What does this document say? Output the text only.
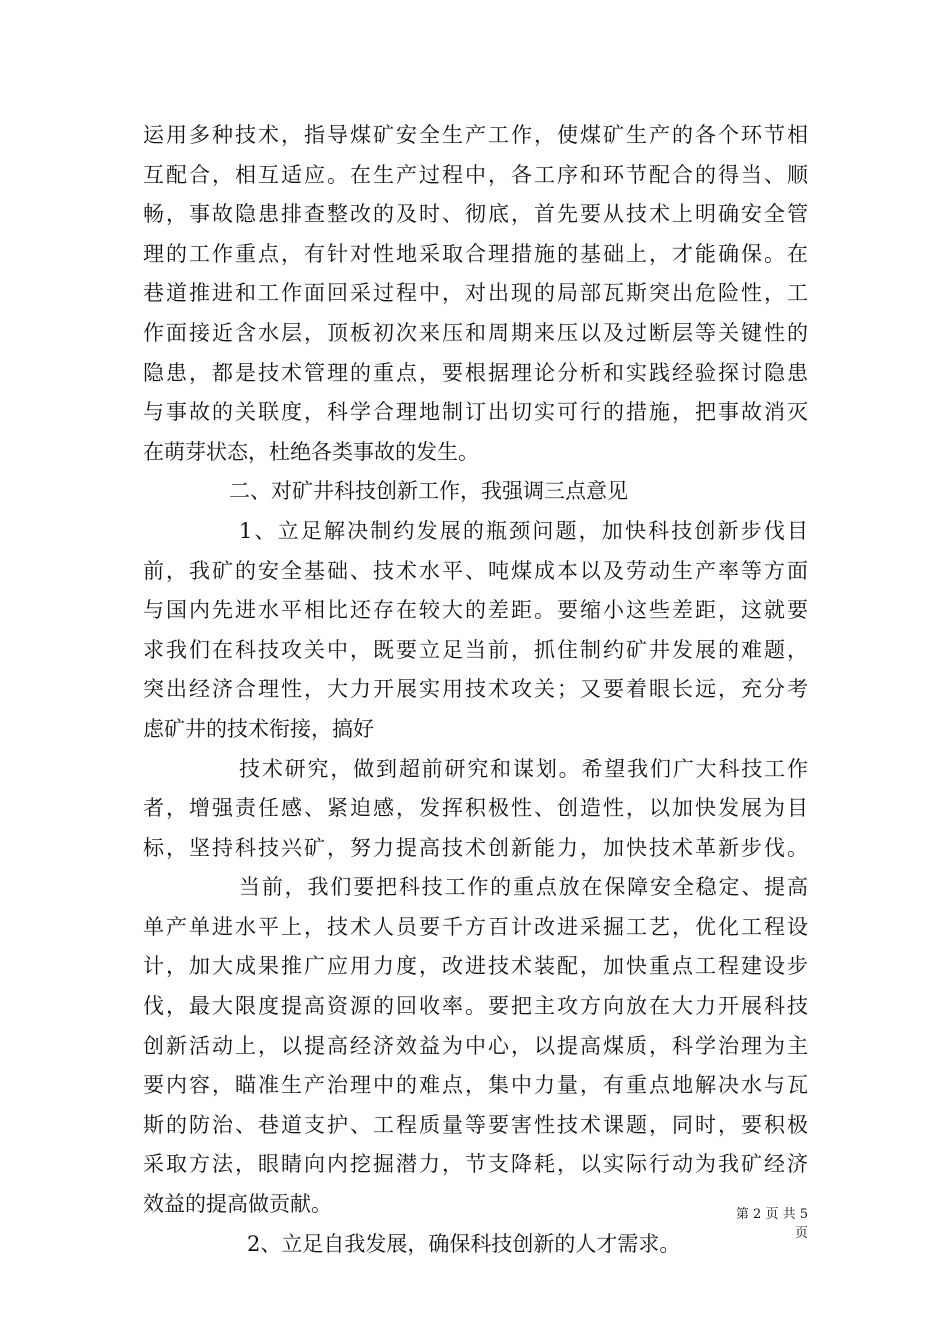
运用多种技术，指导煤矿安全生产工作，使煤矿生产的各个环节相
互配合，相互适应。在生产过程中，各工序和环节配合的得当、顺
畅，事故隐患排查整改的及时、彻底，首先要从技术上明确安全管
理的工作重点，有针对性地采取合理措施的基础上，才能确保。在
巷道推进和工作面回采过程中，对出现的局部瓦斯突出危险性，工
作面接近含水层，顶板初次来压和周期来压以及过断层等关键性的
隐患，都是技术管理的重点，要根据理论分析和实践经验探讨隐患
与事故的关联度，科学合理地制订出切实可行的措施，把事故消灭
在萌芽状态，杜绝各类事故的发生。
二、对矿井科技创新工作，我强调三点意见
1、立足解决制约发展的瓶颈问题，加快科技创新步伐目
前，我矿的安全基础、技术水平、吨煤成本以及劳动生产率等方面
与国内先进水平相比还存在较大的差距。要缩小这些差距，这就要
求我们在科技攻关中，既要立足当前，抓住制约矿井发展的难题，
突出经济合理性，大力开展实用技术攻关；又要着眼长远，充分考
虑矿井的技术衔接，搞好
技术研究，做到超前研究和谋划。希望我们广大科技工作
者，增强责任感、紧迫感，发挥积极性、创造性，以加快发展为目
标，坚持科技兴矿，努力提高技术创新能力，加快技术革新步伐。
当前，我们要把科技工作的重点放在保障安全稳定、提高
单产单进水平上，技术人员要千方百计改进采掘工艺，优化工程设
计，加大成果推广应用力度，改进技术装配，加快重点工程建设步
伐，最大限度提高资源的回收率。要把主攻方向放在大力开展科技
创新活动上，以提高经济效益为中心，以提高煤质，科学治理为主
要内容，瞄准生产治理中的难点，集中力量，有重点地解决水与瓦
斯的防治、巷道支护、工程质量等要害性技术课题，同时，要积极
采取方法，眼睛向内挖掘潜力，节支降耗，以实际行动为我矿经济
效益的提高做贡献。
2、立足自我发展，确保科技创新的人才需求。
第 2 页 共 5 页
